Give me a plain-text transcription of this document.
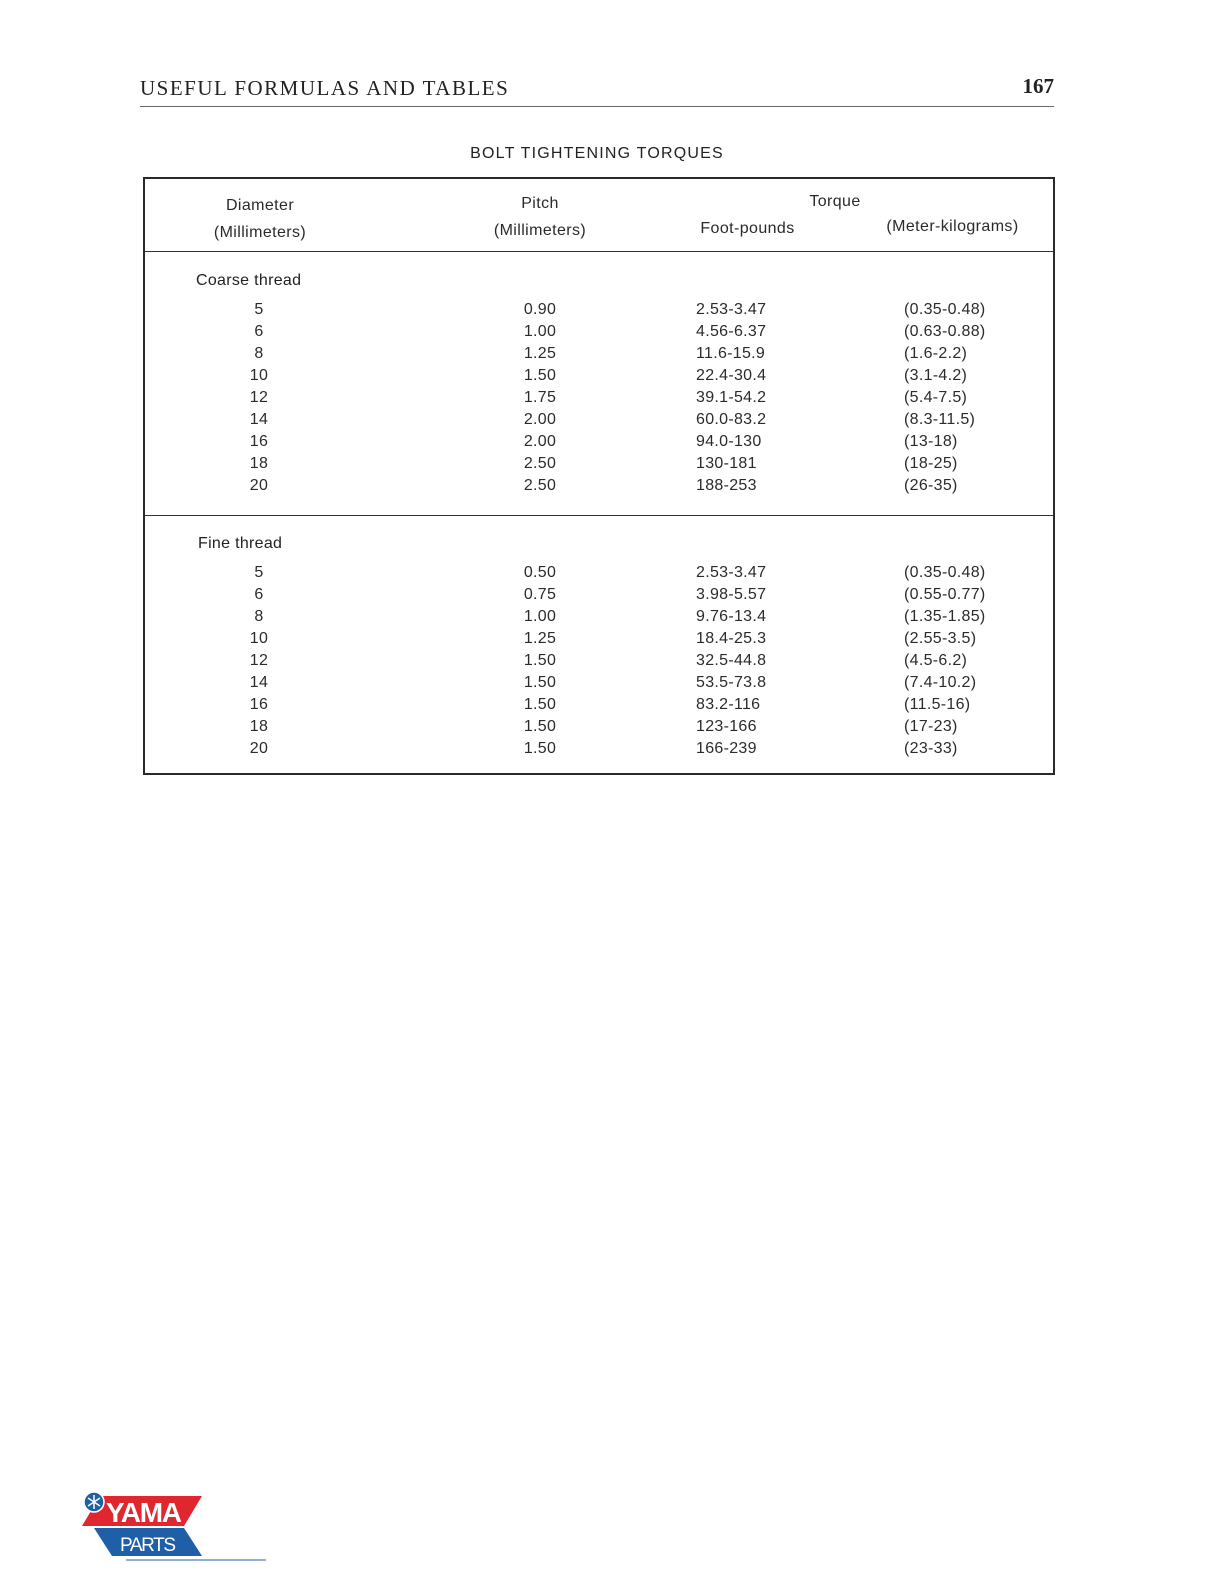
USEFUL FORMULAS AND TABLES	167
BOLT TIGHTENING TORQUES
Diameter
(Millimeters)
Pitch
(Millimeters)
Torque
Foot-pounds	(Meter-kilograms)
Coarse thread
5	0.90	2.53-3.47	(0.35-0.48)
6	1.00	4.56-6.37	(0.63-0.88)
8	1.25	11.6-15.9	(1.6-2.2)
10	1.50	22.4-30.4	(3.1-4.2)
12	1.75	39.1-54.2	(5.4-7.5)
14	2.00	60.0-83.2	(8.3-11.5)
16	2.00	94.0-130	(13-18)
18	2.50	130-181	(18-25)
20	2.50	188-253	(26-35)
Fine thread
5	0.50	2.53-3.47	(0.35-0.48)
6	0.75	3.98-5.57	(0.55-0.77)
8	1.00	9.76-13.4	(1.35-1.85)
10	1.25	18.4-25.3	(2.55-3.5)
12	1.50	32.5-44.8	(4.5-6.2)
14	1.50	53.5-73.8	(7.4-10.2)
16	1.50	83.2-116	(11.5-16)
18	1.50	123-166	(17-23)
20	1.50	166-239	(23-33)
YAMA
PARTS
